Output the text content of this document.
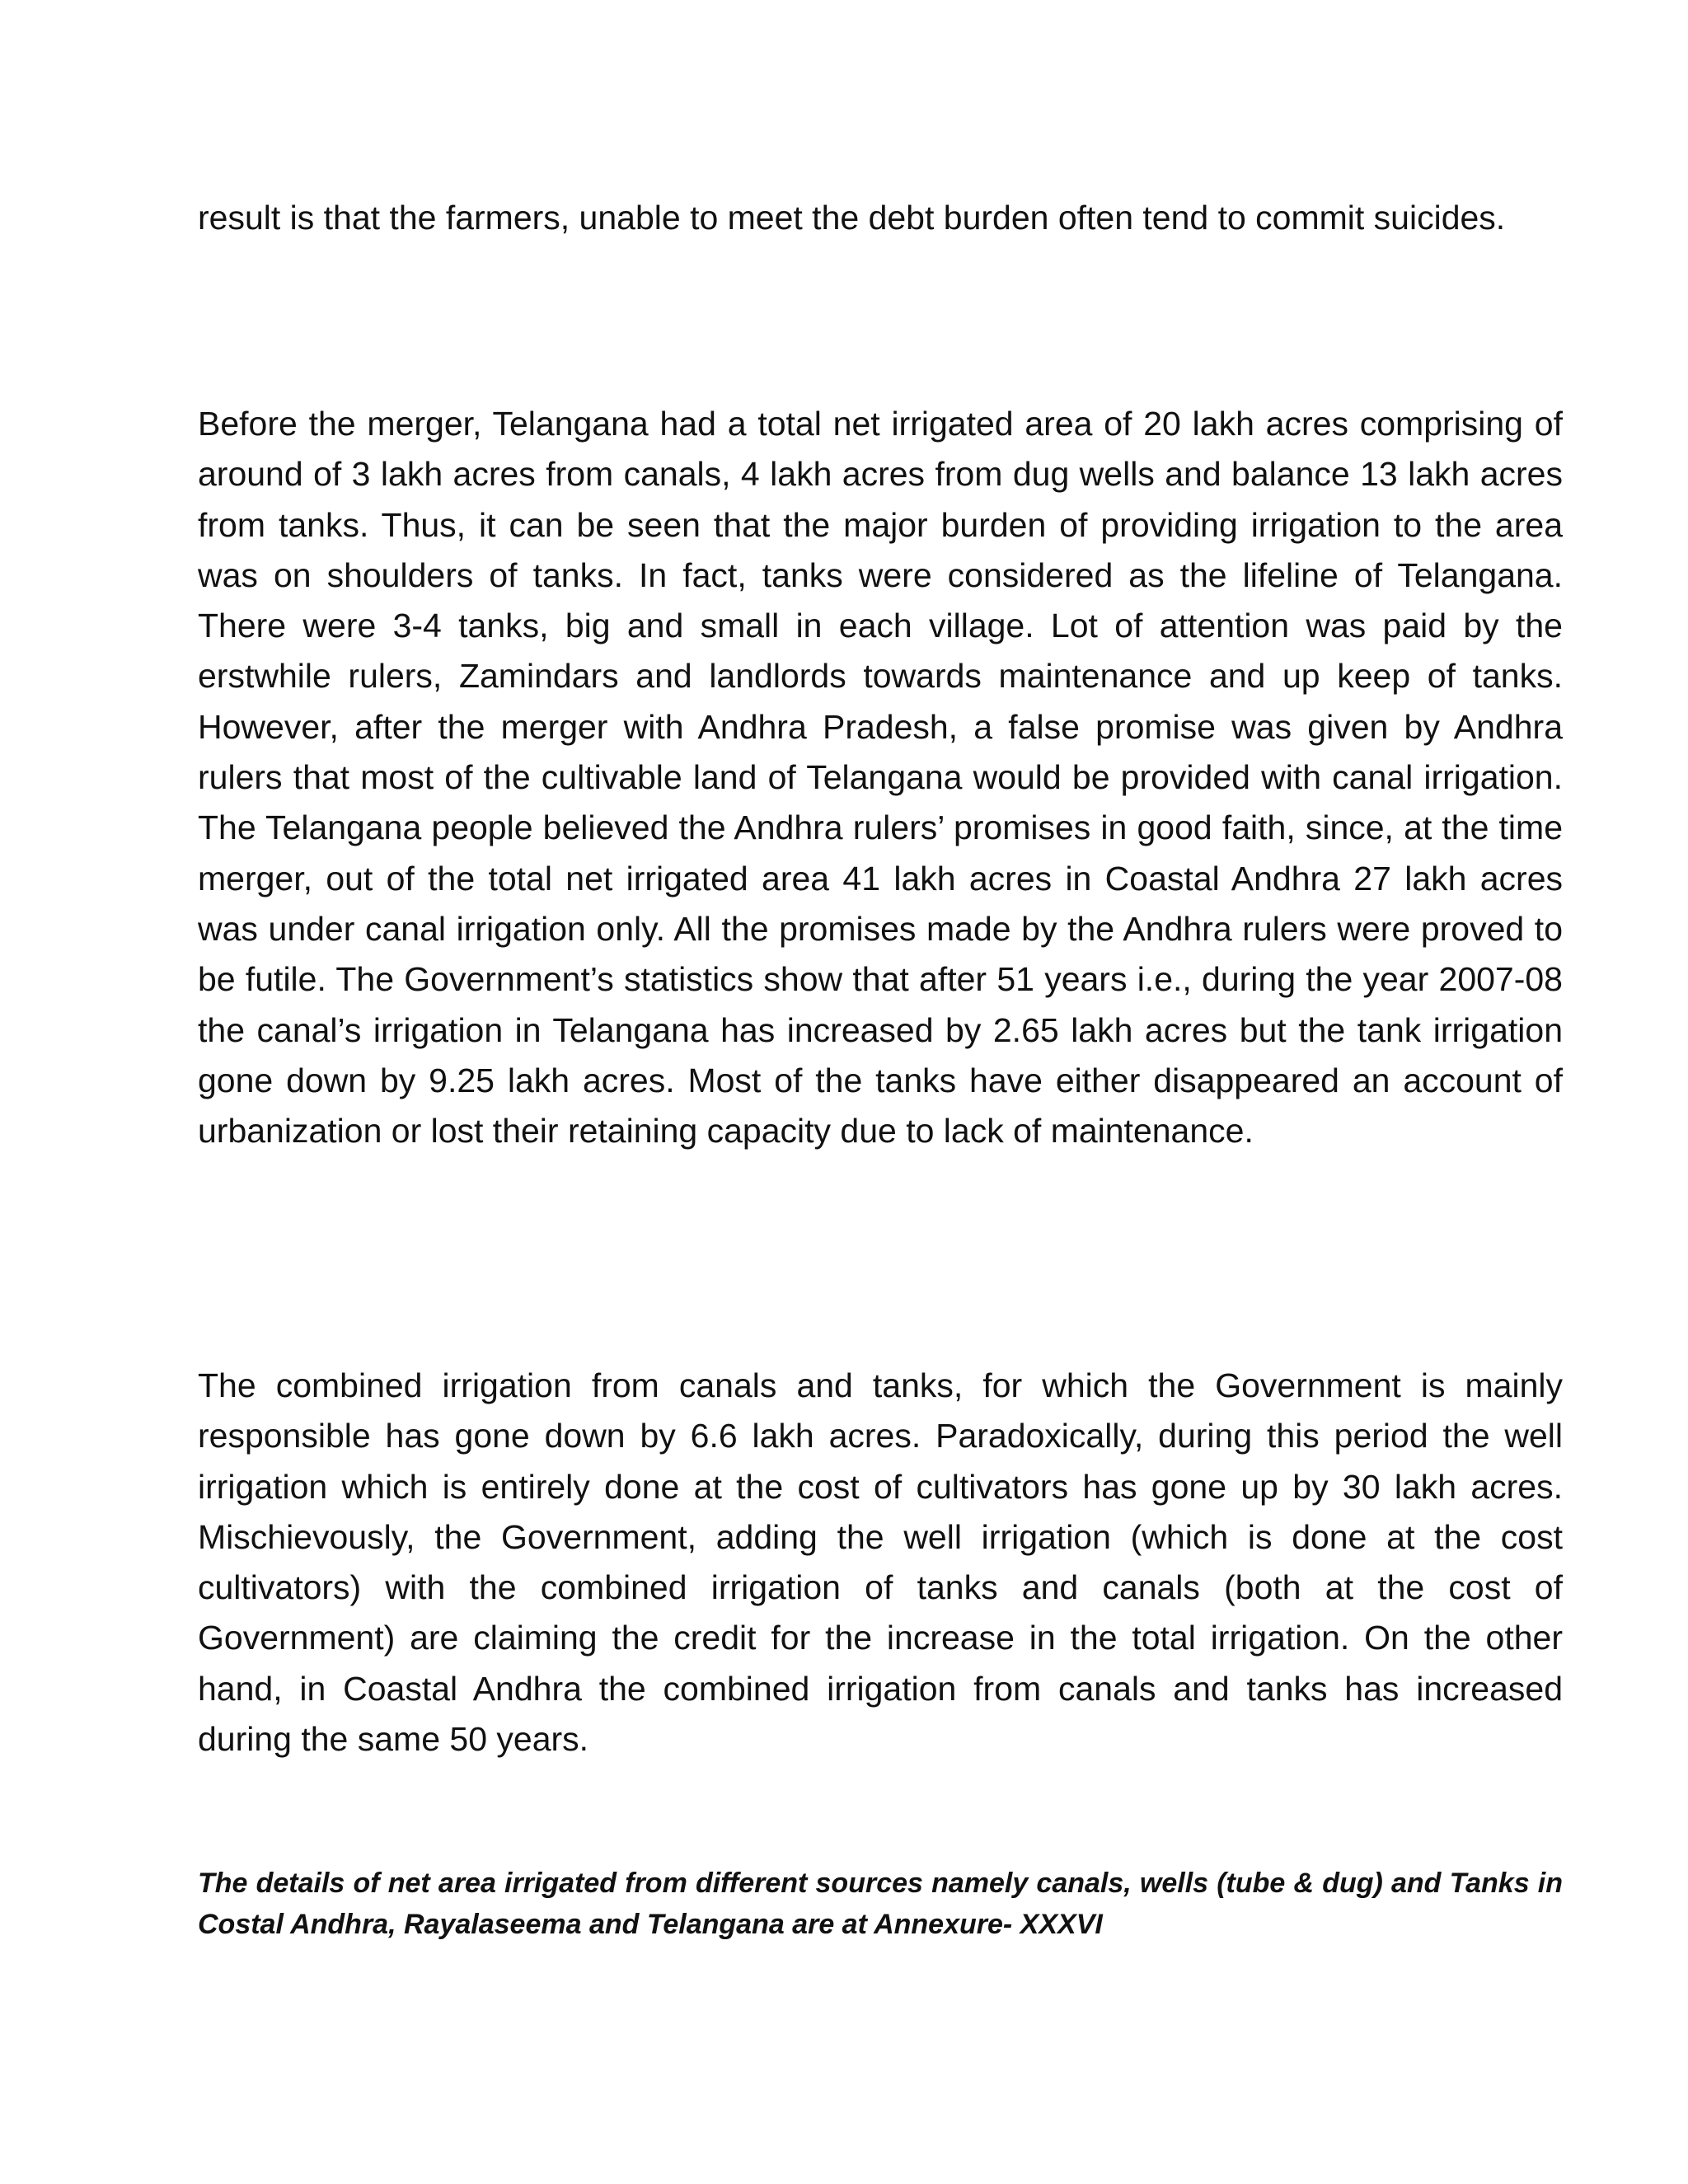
result is that the farmers, unable to meet the debt burden often tend to commit suicides.

Before the merger, Telangana had a total net irrigated area of 20 lakh acres comprising of around of 3 lakh acres from canals, 4 lakh acres from dug wells and balance 13 lakh acres from tanks. Thus, it can be seen that the major burden of providing irrigation to the area was on shoulders of tanks. In fact, tanks were considered as the lifeline of Telangana. There were 3-4 tanks, big and small in each village. Lot of attention was paid by the erstwhile rulers, Zamindars and landlords towards maintenance and up keep of tanks. However, after the merger with Andhra Pradesh, a false promise was given by Andhra rulers that most of the cultivable land of Telangana would be provided with canal irrigation. The Telangana people believed the Andhra rulers’ promises in good faith, since, at the time merger, out of the total net irrigated area 41 lakh acres in Coastal Andhra 27 lakh acres was under canal irrigation only. All the promises made by the Andhra rulers were proved to be futile. The Government’s statistics show that after 51 years i.e., during the year 2007-08 the canal’s irrigation in Telangana has increased by 2.65 lakh acres but the tank irrigation gone down by 9.25 lakh acres. Most of the tanks have either disappeared an account of urbanization or lost their retaining capacity due to lack of maintenance.

The combined irrigation from canals and tanks, for which the Government is mainly responsible has gone down by 6.6 lakh acres. Paradoxically, during this period the well irrigation which is entirely done at the cost of cultivators has gone up by 30 lakh acres. Mischievously, the Government, adding the well irrigation (which is done at the cost cultivators) with the combined irrigation of tanks and canals (both at the cost of Government) are claiming the credit for the increase in the total irrigation. On the other hand, in Coastal Andhra the combined irrigation from canals and tanks has increased during the same 50 years.

The details of net area irrigated from different sources namely canals, wells (tube & dug) and Tanks in Costal Andhra, Rayalaseema and Telangana are at Annexure- XXXVI
